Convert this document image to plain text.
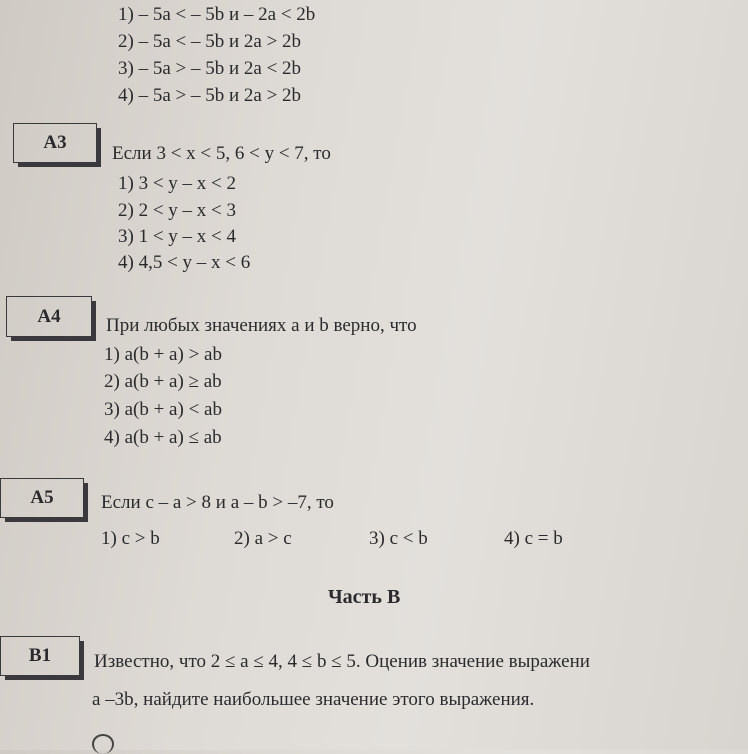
1) – 5a < – 5b и – 2a < 2b
2) – 5a < – 5b и 2a > 2b
3) – 5a > – 5b и 2a < 2b
4) – 5a > – 5b и 2a > 2b
А3
Если 3 < x < 5, 6 < y < 7, то
1) 3 < y – x < 2
2) 2 < y – x < 3
3) 1 < y – x < 4
4) 4,5 < y – x < 6
А4 При любых значениях a и b верно, что
1) a(b + a) > ab
2) a(b + a) ≥ ab
3) a(b + a) < ab
4) a(b + a) ≤ ab
А5 Если c – a > 8 и a – b > –7, то
1) c > b	2) a > c	3) c < b	4) c = b
Часть В
В1 Известно, что 2 ≤ a ≤ 4, 4 ≤ b ≤ 5. Оценив значение выражени
a –3b, найдите наибольшее значение этого выражения.
